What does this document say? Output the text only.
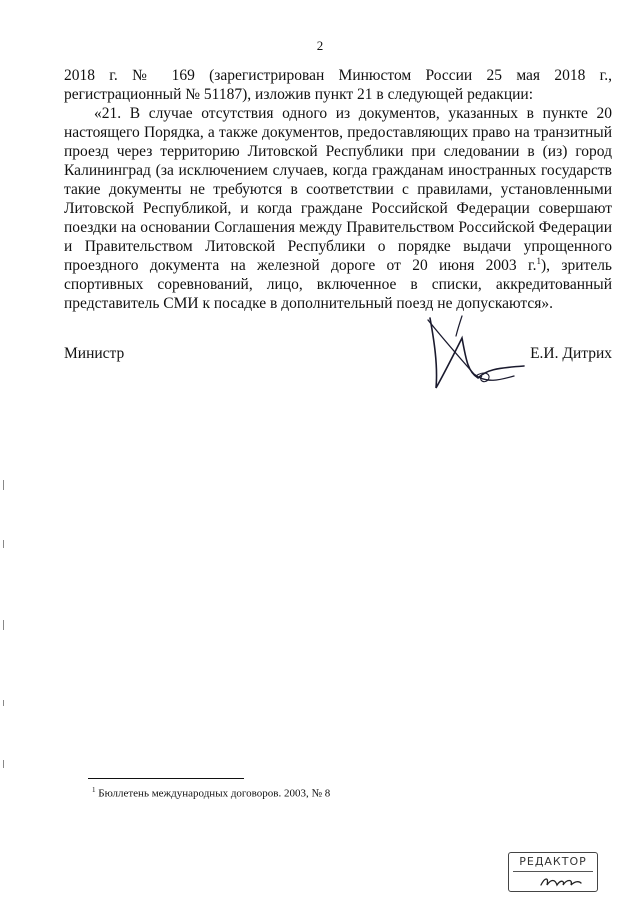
2

2018 г. № 169 (зарегистрирован Минюстом России 25 мая 2018 г., регистрационный № 51187), изложив пункт 21 в следующей редакции:

«21. В случае отсутствия одного из документов, указанных в пункте 20 настоящего Порядка, а также документов, предоставляющих право на транзитный проезд через территорию Литовской Республики при следовании в (из) город Калининград (за исключением случаев, когда гражданам иностранных государств такие документы не требуются в соответствии с правилами, установленными Литовской Республикой, и когда граждане Российской Федерации совершают поездки на основании Соглашения между Правительством Российской Федерации и Правительством Литовской Республики о порядке выдачи упрощенного проездного документа на железной дороге от 20 июня 2003 г.$^1$), зритель спортивных соревнований, лицо, включенное в списки, аккредитованный представитель СМИ к посадке в дополнительный поезд не допускаются».

Министр	Е.И. Дитрих
$^1$ Бюллетень международных договоров. 2003, № 8
РЕДАКТОР
